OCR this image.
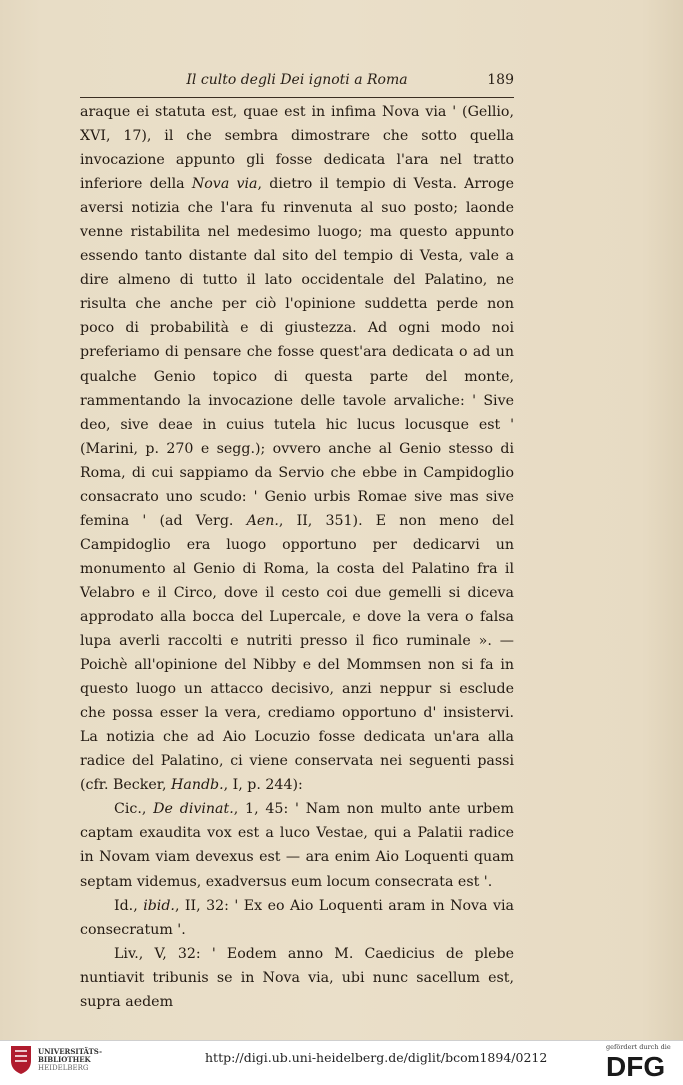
Il culto degli Dei ignoti a Roma	189

araque ei statuta est, quae est in infima Nova via ' (Gellio, XVI, 17), il che sembra dimostrare che sotto quella invocazione appunto gli fosse dedicata l'ara nel tratto inferiore della Nova via, dietro il tempio di Vesta. Arroge aversi notizia che l'ara fu rinvenuta al suo posto; laonde venne ristabilita nel medesimo luogo; ma questo appunto essendo tanto distante dal sito del tempio di Vesta, vale a dire almeno di tutto il lato occidentale del Palatino, ne risulta che anche per ciò l'opinione suddetta perde non poco di probabilità e di giustezza. Ad ogni modo noi preferiamo di pensare che fosse quest'ara dedicata o ad un qualche Genio topico di questa parte del monte, rammentando la invocazione delle tavole arvaliche: ' Sive deo, sive deae in cuius tutela hic lucus locusque est ' (Marini, p. 270 e segg.); ovvero anche al Genio stesso di Roma, di cui sappiamo da Servio che ebbe in Campidoglio consacrato uno scudo: ' Genio urbis Romae sive mas sive femina ' (ad Verg. Aen., II, 351). E non meno del Campidoglio era luogo opportuno per dedicarvi un monumento al Genio di Roma, la costa del Palatino fra il Velabro e il Circo, dove il cesto coi due gemelli si diceva approdato alla bocca del Lupercale, e dove la vera o falsa lupa averli raccolti e nutriti presso il fico ruminale ». — Poichè all'opinione del Nibby e del Mommsen non si fa in questo luogo un attacco decisivo, anzi neppur si esclude che possa esser la vera, crediamo opportuno d' insistervi. La notizia che ad Aio Locuzio fosse dedicata un'ara alla radice del Palatino, ci viene conservata nei seguenti passi (cfr. Becker, Handb., I, p. 244):

Cic., De divinat., 1, 45: ' Nam non multo ante urbem captam exaudita vox est a luco Vestae, qui a Palatii radice in Novam viam devexus est — ara enim Aio Loquenti quam septam videmus, exadversus eum locum consecrata est '.

Id., ibid., II, 32: ' Ex eo Aio Loquenti aram in Nova via consecratum '.

Liv., V, 32: ' Eodem anno M. Caedicius de plebe nuntiavit tribunis se in Nova via, ubi nunc sacellum est, supra aedem

UNIVERSITÄTS-
BIBLIOTHEK
HEIDELBERG
http://digi.ub.uni-heidelberg.de/diglit/bcom1894/0212
gefördert durch die
DFG
